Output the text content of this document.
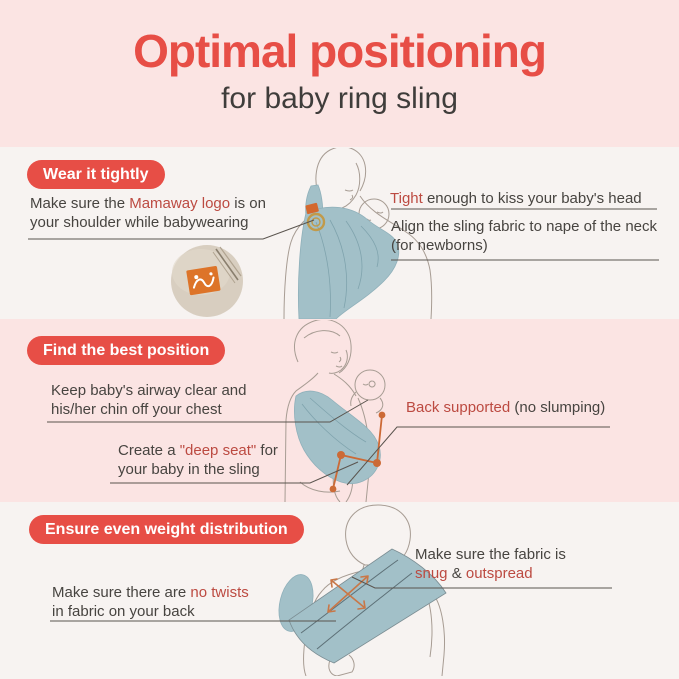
Optimal positioning
for baby ring sling
Wear it tightly
Make sure the Mamaway logo is on your shoulder while babywearing
Tight enough to kiss your baby's head
Align the sling fabric to nape of the neck (for newborns)
Find the best position
Keep baby's airway clear and his/her chin off your chest	Back supported (no slumping)
Create a "deep seat" for your baby in the sling
Ensure even weight distribution
Make sure there are no twists in fabric on your back
Make sure the fabric is snug & outspread
